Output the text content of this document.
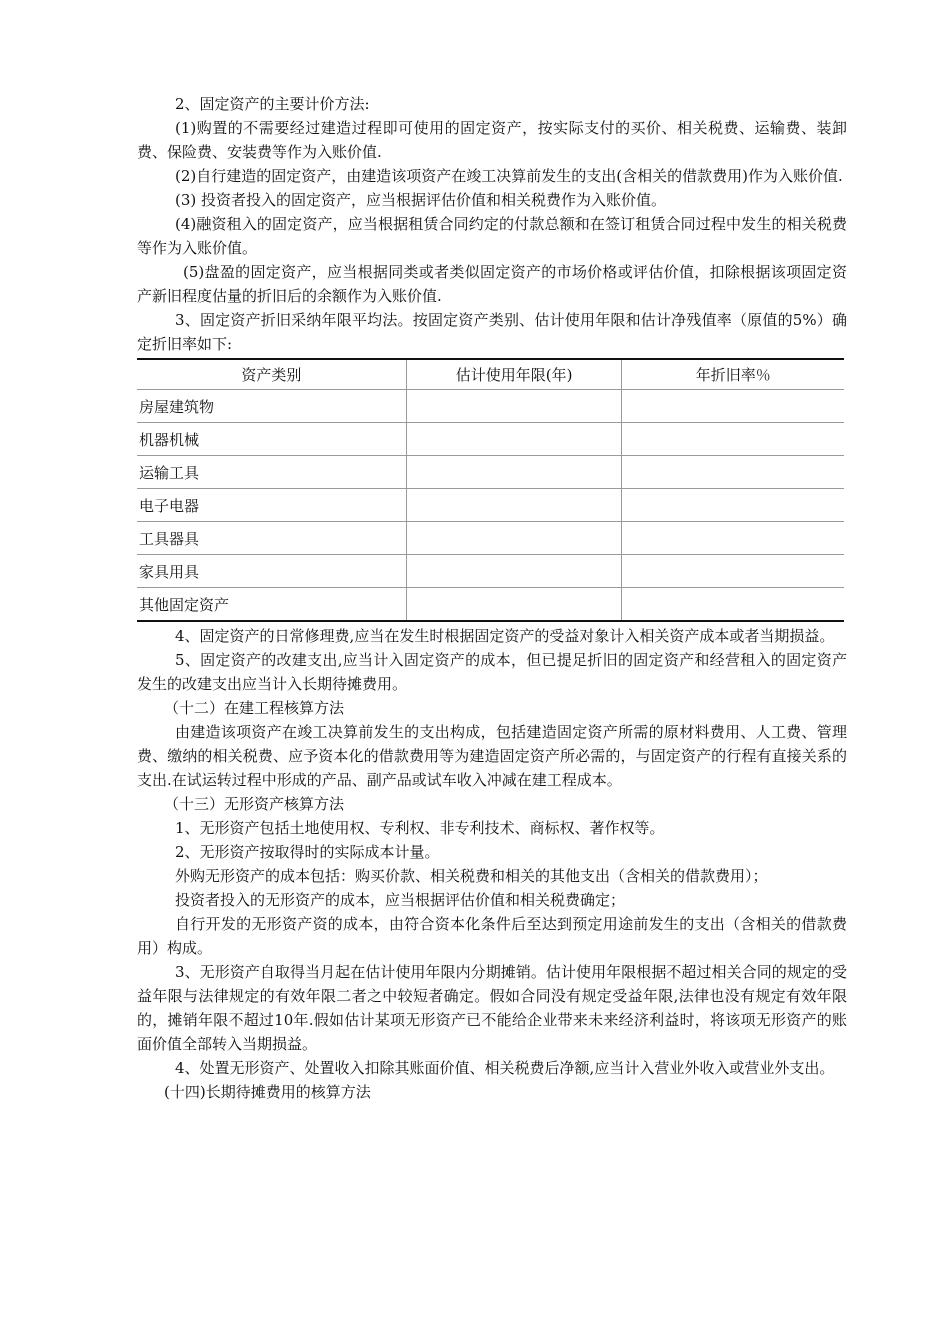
2、固定资产的主要计价方法:

(1)购置的不需要经过建造过程即可使用的固定资产，按实际支付的买价、相关税费、运输费、装卸费、保险费、安装费等作为入账价值.

(2)自行建造的固定资产，由建造该项资产在竣工决算前发生的支出(含相关的借款费用)作为入账价值.

(3) 投资者投入的固定资产，应当根据评估价值和相关税费作为入账价值。

(4)融资租入的固定资产，应当根据租赁合同约定的付款总额和在签订租赁合同过程中发生的相关税费等作为入账价值。

(5)盘盈的固定资产，应当根据同类或者类似固定资产的市场价格或评估价值，扣除根据该项固定资产新旧程度估量的折旧后的余额作为入账价值.

3、固定资产折旧采纳年限平均法。按固定资产类别、估计使用年限和估计净残值率（原值的5%）确定折旧率如下:

资产类别	估计使用年限(年)	年折旧率％
房屋建筑物		
机器机械		
运输工具		
电子电器		
工具器具		
家具用具		
其他固定资产		

4、固定资产的日常修理费,应当在发生时根据固定资产的受益对象计入相关资产成本或者当期损益。

5、固定资产的改建支出,应当计入固定资产的成本，但已提足折旧的固定资产和经营租入的固定资产发生的改建支出应当计入长期待摊费用。

（十二）在建工程核算方法

由建造该项资产在竣工决算前发生的支出构成，包括建造固定资产所需的原材料费用、人工费、管理费、缴纳的相关税费、应予资本化的借款费用等为建造固定资产所必需的，与固定资产的行程有直接关系的支出.在试运转过程中形成的产品、副产品或试车收入冲减在建工程成本。

（十三）无形资产核算方法

1、无形资产包括土地使用权、专利权、非专利技术、商标权、著作权等。

2、无形资产按取得时的实际成本计量。

外购无形资产的成本包括：购买价款、相关税费和相关的其他支出（含相关的借款费用）；

投资者投入的无形资产的成本，应当根据评估价值和相关税费确定；

自行开发的无形资产资的成本，由符合资本化条件后至达到预定用途前发生的支出（含相关的借款费用）构成。

3、无形资产自取得当月起在估计使用年限内分期摊销。估计使用年限根据不超过相关合同的规定的受益年限与法律规定的有效年限二者之中较短者确定。假如合同没有规定受益年限,法律也没有规定有效年限的，摊销年限不超过10年.假如估计某项无形资产已不能给企业带来未来经济利益时，将该项无形资产的账面价值全部转入当期损益。

4、处置无形资产、处置收入扣除其账面价值、相关税费后净额,应当计入营业外收入或营业外支出。

(十四)长期待摊费用的核算方法
